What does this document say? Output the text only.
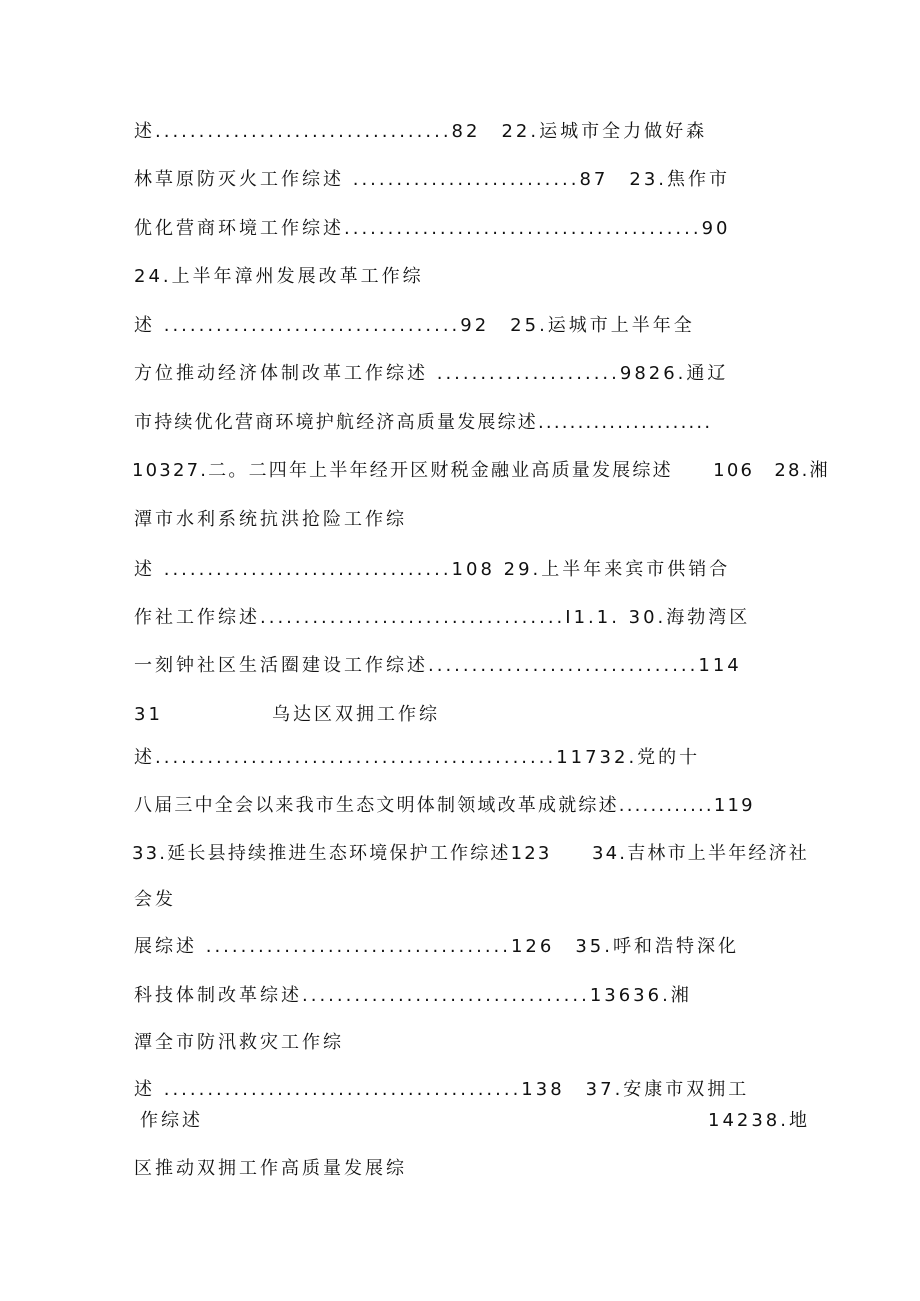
述..................................82　22.运城市全力做好森
林草原防灭火工作综述 ..........................87　23.焦作市
优化营商环境工作综述.........................................90
24.上半年漳州发展改革工作综
述 ..................................92　25.运城市上半年全
方位推动经济体制改革工作综述 .....................9826.通辽
市持续优化营商环境护航经济高质量发展综述......................
10327.二。二四年上半年经开区财税金融业高质量发展综述　　106　28.湘
潭市水利系统抗洪抢险工作综
述 .................................108 29.上半年来宾市供销合
作社工作综述...................................I1.1. 30.海勃湾区
一刻钟社区生活圈建设工作综述...............................114
31	乌达区双拥工作综
述..............................................11732.党的十
八届三中全会以来我市生态文明体制领域改革成就综述............119
33.延长县持续推进生态环境保护工作综述123　　34.吉林市上半年经济社
会发
展综述 ...................................126　35.呼和浩特深化
科技体制改革综述.................................13636.湘
潭全市防汛救灾工作综
述 .........................................138　37.安康市双拥工
作综述	14238.地
区推动双拥工作高质量发展综
